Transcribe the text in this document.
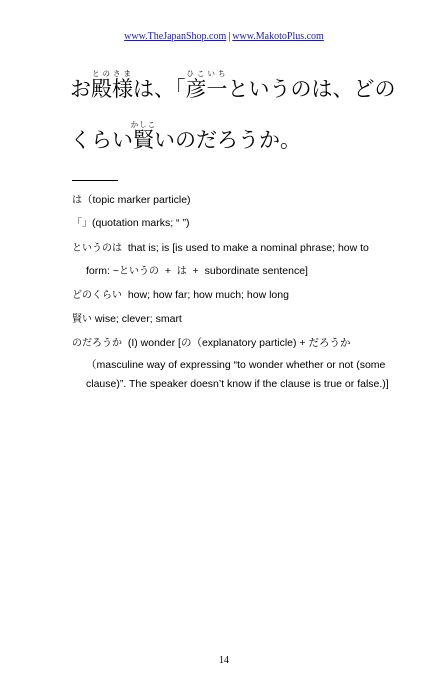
www.TheJapanShop.com | www.MakotoPlus.com
お殿様とのさまは、「彦一ひこいちというのは、どの
くらい賢かしこいのだろうか。
は（topic marker particle)
「」(quotation marks; “ ”)
というのは that is; is [is used to make a nominal phrase; how to
form: ~というの + は + subordinate sentence]
どのくらい how; how far; how much; how long
賢い wise; clever; smart
のだろうか (I) wonder [の（explanatory particle) + だろうか
（masculine way of expressing “to wonder whether or not (some clause)”. The speaker doesn’t know if the clause is true or false.)]
14
